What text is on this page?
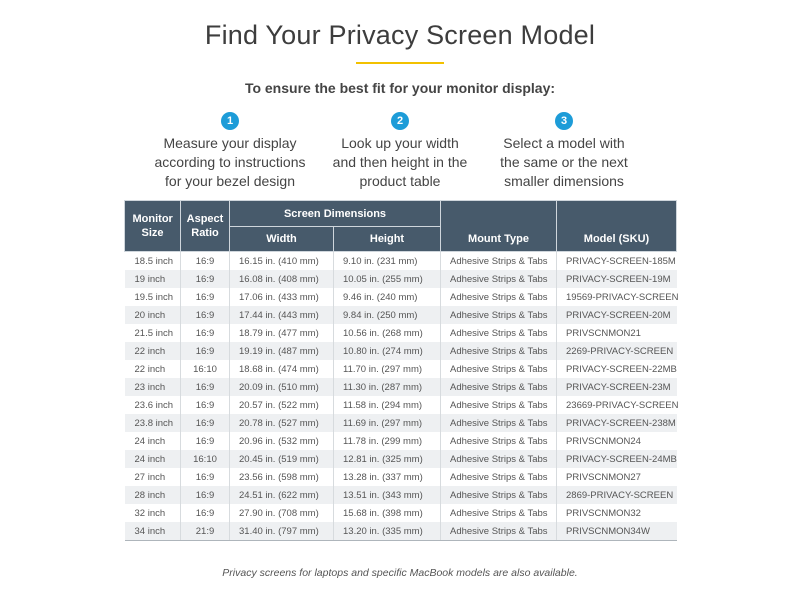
Find Your Privacy Screen Model
To ensure the best fit for your monitor display:
1
Measure your display
according to instructions
for your bezel design
2
Look up your width
and then height in the
product table
3
Select a model with
the same or the next
smaller dimensions
Monitor Size	Aspect Ratio	Screen Dimensions		Mount Type	Model (SKU)
		Width	Height		
18.5 inch	16:9	16.15 in. (410 mm)	9.10 in. (231 mm)	Adhesive Strips & Tabs	PRIVACY-SCREEN-185M
19 inch	16:9	16.08 in. (408 mm)	10.05 in. (255 mm)	Adhesive Strips & Tabs	PRIVACY-SCREEN-19M
19.5 inch	16:9	17.06 in. (433 mm)	9.46 in. (240 mm)	Adhesive Strips & Tabs	19569-PRIVACY-SCREEN
20 inch	16:9	17.44 in. (443 mm)	9.84 in. (250 mm)	Adhesive Strips & Tabs	PRIVACY-SCREEN-20M
21.5 inch	16:9	18.79 in. (477 mm)	10.56 in. (268 mm)	Adhesive Strips & Tabs	PRIVSCNMON21
22 inch	16:9	19.19 in. (487 mm)	10.80 in. (274 mm)	Adhesive Strips & Tabs	2269-PRIVACY-SCREEN
22 inch	16:10	18.68 in. (474 mm)	11.70 in. (297 mm)	Adhesive Strips & Tabs	PRIVACY-SCREEN-22MB
23 inch	16:9	20.09 in. (510 mm)	11.30 in. (287 mm)	Adhesive Strips & Tabs	PRIVACY-SCREEN-23M
23.6 inch	16:9	20.57 in. (522 mm)	11.58 in. (294 mm)	Adhesive Strips & Tabs	23669-PRIVACY-SCREEN
23.8 inch	16:9	20.78 in. (527 mm)	11.69 in. (297 mm)	Adhesive Strips & Tabs	PRIVACY-SCREEN-238M
24 inch	16:9	20.96 in. (532 mm)	11.78 in. (299 mm)	Adhesive Strips & Tabs	PRIVSCNMON24
24 inch	16:10	20.45 in. (519 mm)	12.81 in. (325 mm)	Adhesive Strips & Tabs	PRIVACY-SCREEN-24MB
27 inch	16:9	23.56 in. (598 mm)	13.28 in. (337 mm)	Adhesive Strips & Tabs	PRIVSCNMON27
28 inch	16:9	24.51 in. (622 mm)	13.51 in. (343 mm)	Adhesive Strips & Tabs	2869-PRIVACY-SCREEN
32 inch	16:9	27.90 in. (708 mm)	15.68 in. (398 mm)	Adhesive Strips & Tabs	PRIVSCNMON32
34 inch	21:9	31.40 in. (797 mm)	13.20 in. (335 mm)	Adhesive Strips & Tabs	PRIVSCNMON34W
Privacy screens for laptops and specific MacBook models are also available.
